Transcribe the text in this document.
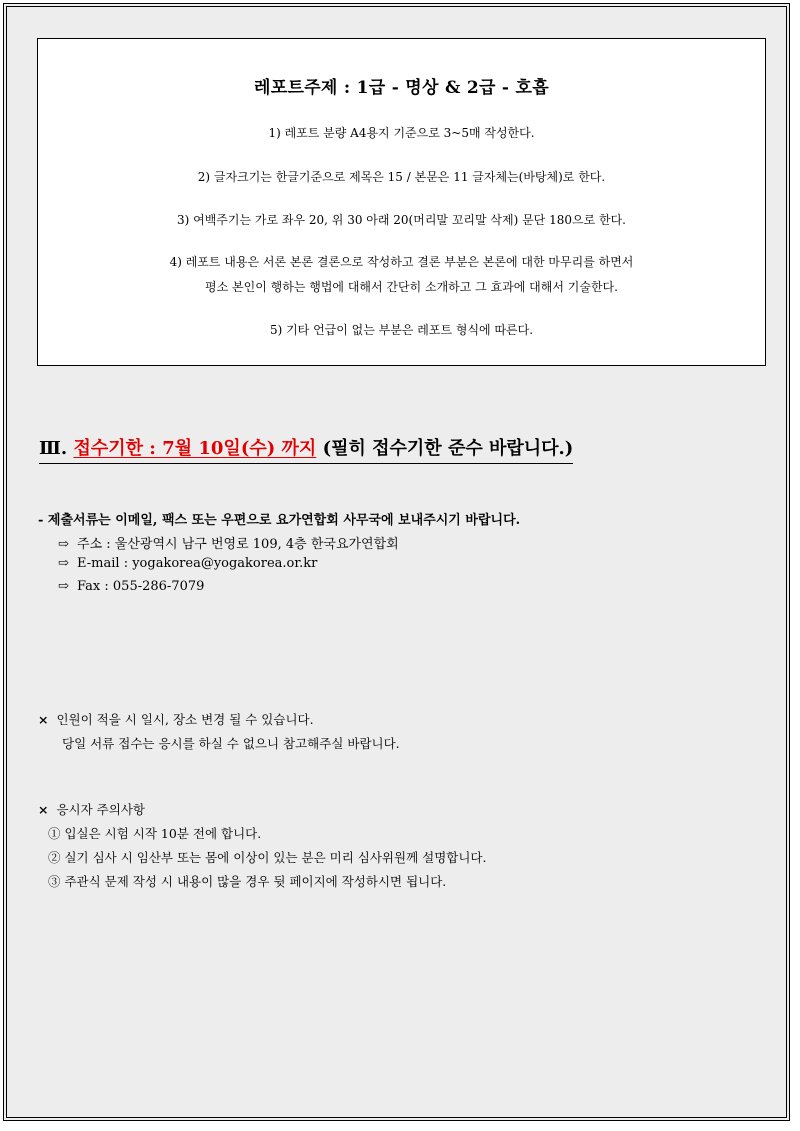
레포트주제 : 1급 - 명상 & 2급 - 호흡
1) 레포트 분량 A4용지 기준으로 3~5매 작성한다.
2) 글자크기는 한글기준으로 제목은 15 / 본문은 11 글자체는(바탕체)로 한다.
3) 여백주기는 가로 좌우 20, 위 30 아래 20(머리말 꼬리말 삭제) 문단 180으로 한다.
4) 레포트 내용은 서론 본론 결론으로 작성하고 결론 부분은 본론에 대한 마무리를 하면서
평소 본인이 행하는 행법에 대해서 간단히 소개하고 그 효과에 대해서 기술한다.
5) 기타 언급이 없는 부분은 레포트 형식에 따른다.
Ⅲ. 접수기한 : 7월 10일(수) 까지 (필히 접수기한 준수 바랍니다.)
- 제출서류는 이메일, 팩스 또는 우편으로 요가연합회 사무국에 보내주시기 바랍니다.
⇨ 주소 : 울산광역시 남구 번영로 109, 4층 한국요가연합회
⇨ E-mail : yogakorea@yogakorea.or.kr
⇨ Fax : 055-286-7079
× 인원이 적을 시 일시, 장소 변경 될 수 있습니다.
당일 서류 접수는 응시를 하실 수 없으니 참고해주실 바랍니다.
× 응시자 주의사항
① 입실은 시험 시작 10분 전에 합니다.
② 실기 심사 시 임산부 또는 몸에 이상이 있는 분은 미리 심사위원께 설명합니다.
③ 주관식 문제 작성 시 내용이 많을 경우 뒷 페이지에 작성하시면 됩니다.
